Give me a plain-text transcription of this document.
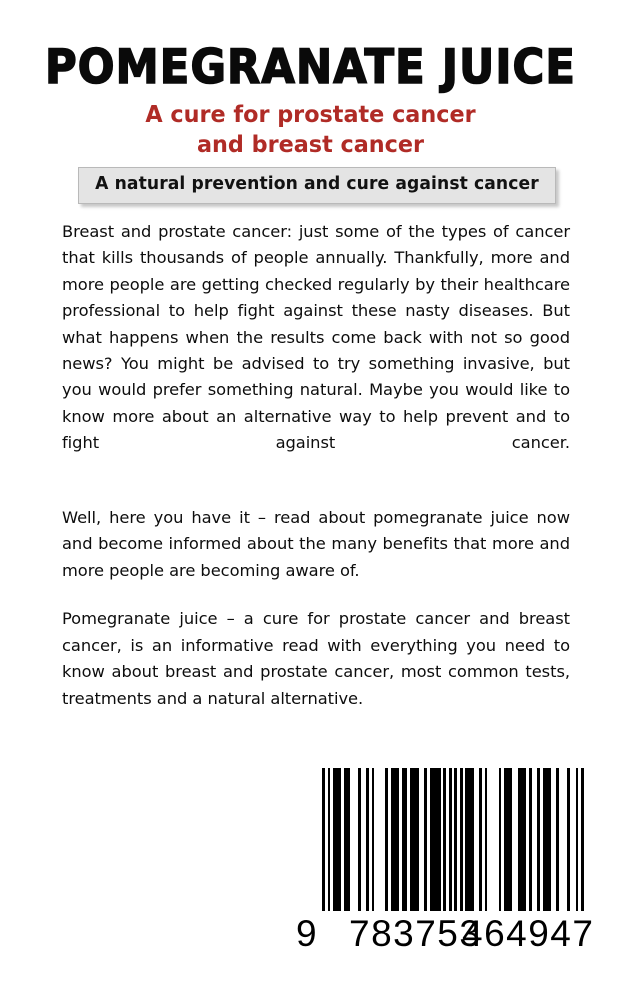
POMEGRANATE JUICE
A cure for prostate cancer
and breast cancer
A natural prevention and cure against cancer

Breast and prostate cancer: just some of the types of cancer that kills thousands of people annually. Thankfully, more and more people are getting checked regularly by their healthcare professional to help fight against these nasty diseases. But what happens when the results come back with not so good news? You might be advised to try something invasive, but you would prefer something natural. Maybe you would like to know more about an alternative way to help prevent and to fight against cancer.

Well, here you have it – read about pomegranate juice now and become informed about the many benefits that more and more people are becoming aware of.

Pomegranate juice – a cure for prostate cancer and breast cancer, is an informative read with everything you need to know about breast and prostate cancer, most common tests, treatments and a natural alternative.

9 783753
464947
